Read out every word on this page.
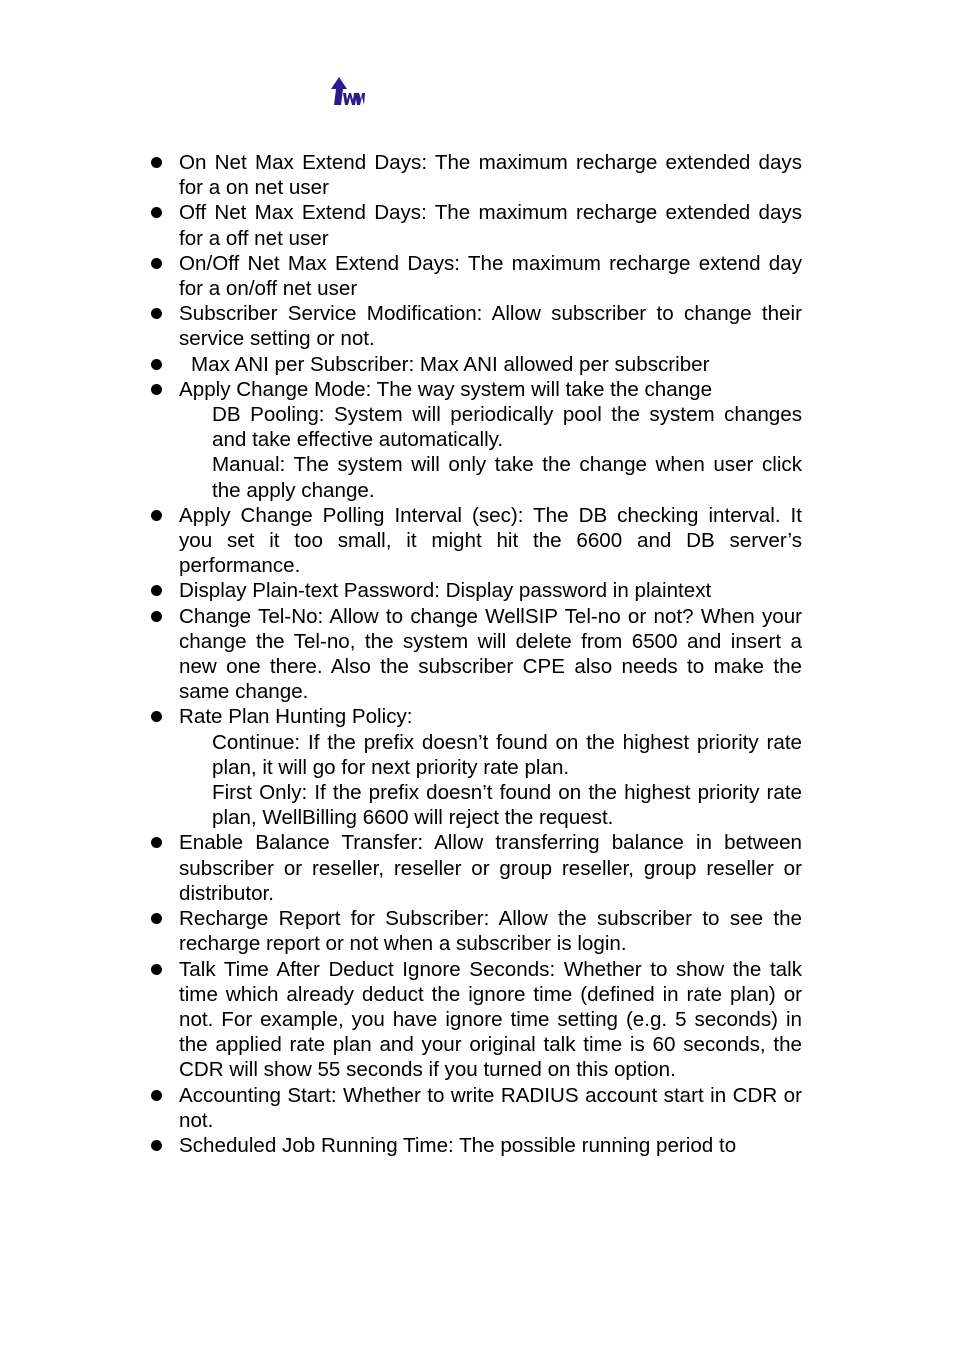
On Net Max Extend Days: The maximum recharge extended days for a on net user
Off Net Max Extend Days: The maximum recharge extended days for a off net user
On/Off Net Max Extend Days: The maximum recharge extend day for a on/off net user
Subscriber Service Modification: Allow subscriber to change their service setting or not.
Max ANI per Subscriber: Max ANI allowed per subscriber
Apply Change Mode: The way system will take the change
DB Pooling: System will periodically pool the system changes and take effective automatically.
Manual: The system will only take the change when user click the apply change.
Apply Change Polling Interval (sec): The DB checking interval. It you set it too small, it might hit the 6600 and DB server’s performance.
Display Plain-text Password: Display password in plaintext
Change Tel-No: Allow to change WellSIP Tel-no or not? When your change the Tel-no, the system will delete from 6500 and insert a new one there. Also the subscriber CPE also needs to make the same change.
Rate Plan Hunting Policy:
Continue: If the prefix doesn’t found on the highest priority rate plan, it will go for next priority rate plan.
First Only: If the prefix doesn’t found on the highest priority rate plan, WellBilling 6600 will reject the request.
Enable Balance Transfer: Allow transferring balance in between subscriber or reseller, reseller or group reseller, group reseller or distributor.
Recharge Report for Subscriber: Allow the subscriber to see the recharge report or not when a subscriber is login.
Talk Time After Deduct Ignore Seconds: Whether to show the talk time which already deduct the ignore time (defined in rate plan) or not. For example, you have ignore time setting (e.g. 5 seconds) in the applied rate plan and your original talk time is 60 seconds, the CDR will show 55 seconds if you turned on this option.
Accounting Start: Whether to write RADIUS account start in CDR or not.
Scheduled Job Running Time: The possible running period to
